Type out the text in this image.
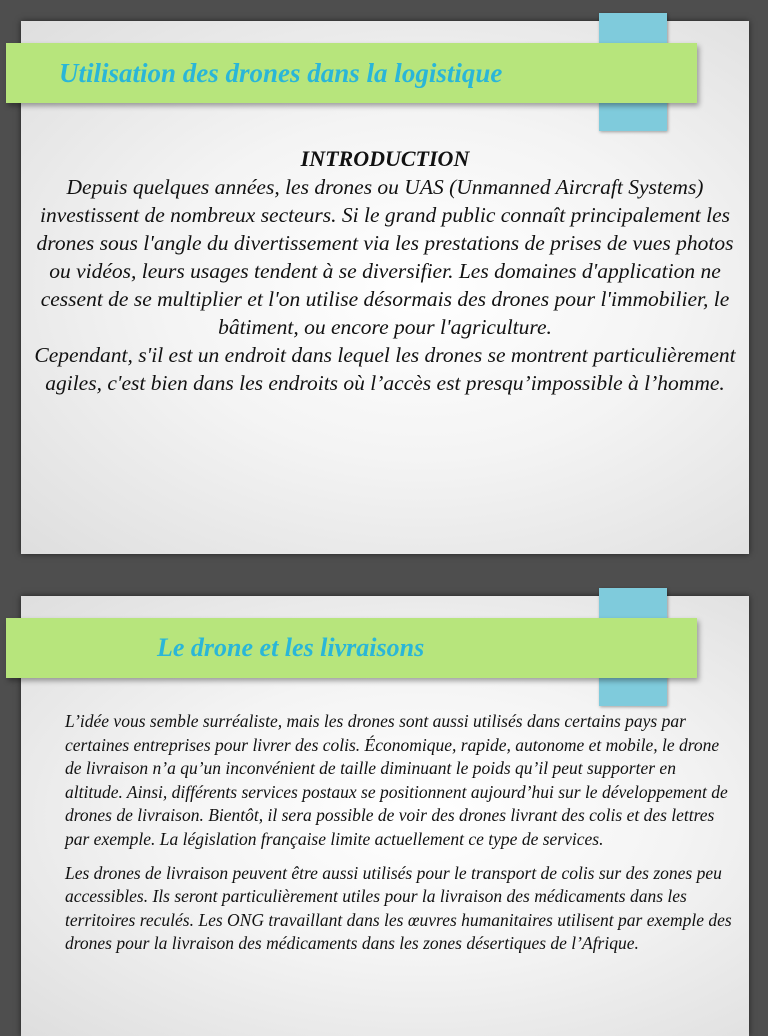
Utilisation des drones dans la logistique
INTRODUCTION

Depuis quelques années, les drones ou UAS (Unmanned Aircraft Systems) investissent de nombreux secteurs. Si le grand public connaît principalement les drones sous l'angle du divertissement via les prestations de prises de vues photos ou vidéos, leurs usages tendent à se diversifier. Les domaines d'application ne cessent de se multiplier et l'on utilise désormais des drones pour l'immobilier, le bâtiment, ou encore pour l'agriculture.

Cependant, s'il est un endroit dans lequel les drones se montrent particulièrement agiles, c'est bien dans les endroits où l’accès est presqu’impossible à l’homme.

Le drone et les livraisons

L’idée vous semble surréaliste, mais les drones sont aussi utilisés dans certains pays par certaines entreprises pour livrer des colis. Économique, rapide, autonome et mobile, le drone de livraison n’a qu’un inconvénient de taille diminuant le poids qu’il peut supporter en altitude. Ainsi, différents services postaux se positionnent aujourd’hui sur le développement de drones de livraison. Bientôt, il sera possible de voir des drones livrant des colis et des lettres par exemple. La législation française limite actuellement ce type de services.

Les drones de livraison peuvent être aussi utilisés pour le transport de colis sur des zones peu accessibles. Ils seront particulièrement utiles pour la livraison des médicaments dans les territoires reculés. Les ONG travaillant dans les œuvres humanitaires utilisent par exemple des drones pour la livraison des médicaments dans les zones désertiques de l’Afrique.
